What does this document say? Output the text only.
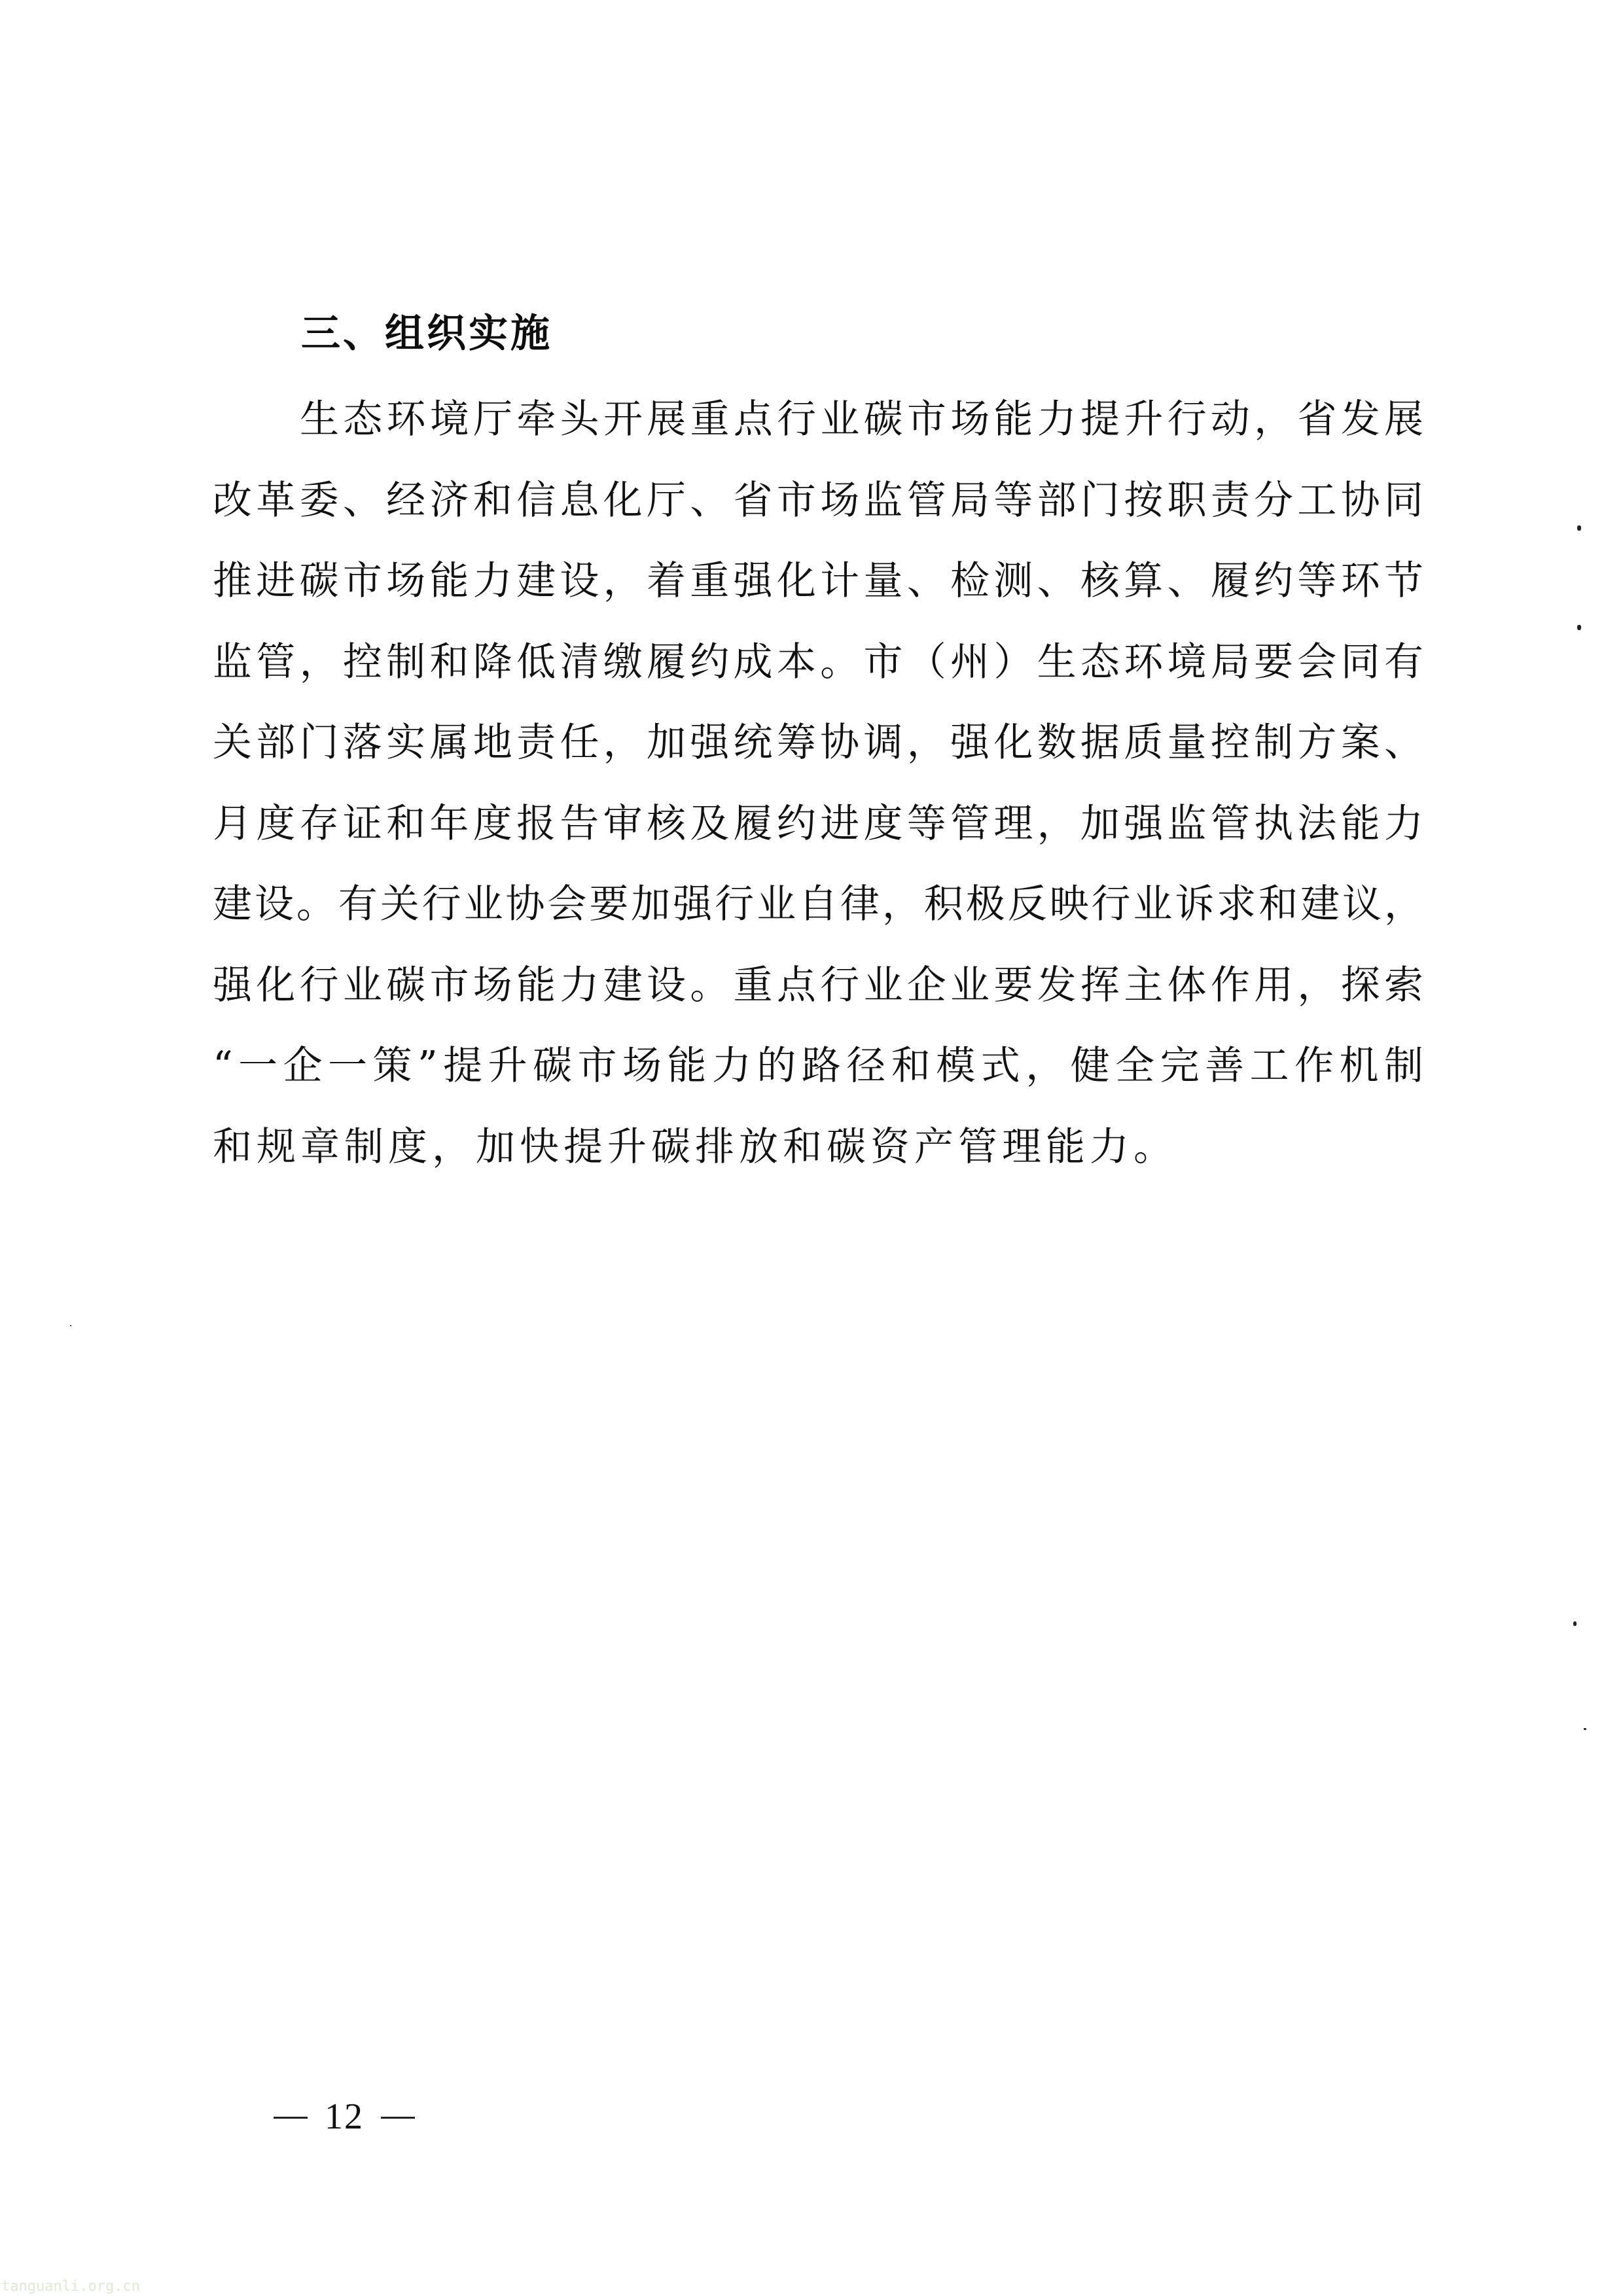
三、组织实施
生态环境厅牵头开展重点行业碳市场能力提升行动，省发展
改革委、经济和信息化厅、省市场监管局等部门按职责分工协同
推进碳市场能力建设，着重强化计量、检测、核算、履约等环节
监管，控制和降低清缴履约成本。市（州）生态环境局要会同有
关部门落实属地责任，加强统筹协调，强化数据质量控制方案、
月度存证和年度报告审核及履约进度等管理，加强监管执法能力
建设。有关行业协会要加强行业自律，积极反映行业诉求和建议，
强化行业碳市场能力建设。重点行业企业要发挥主体作用，探索
“一企一策”提升碳市场能力的路径和模式，健全完善工作机制
和规章制度，加快提升碳排放和碳资产管理能力。
12
tanguanli.org.cn
